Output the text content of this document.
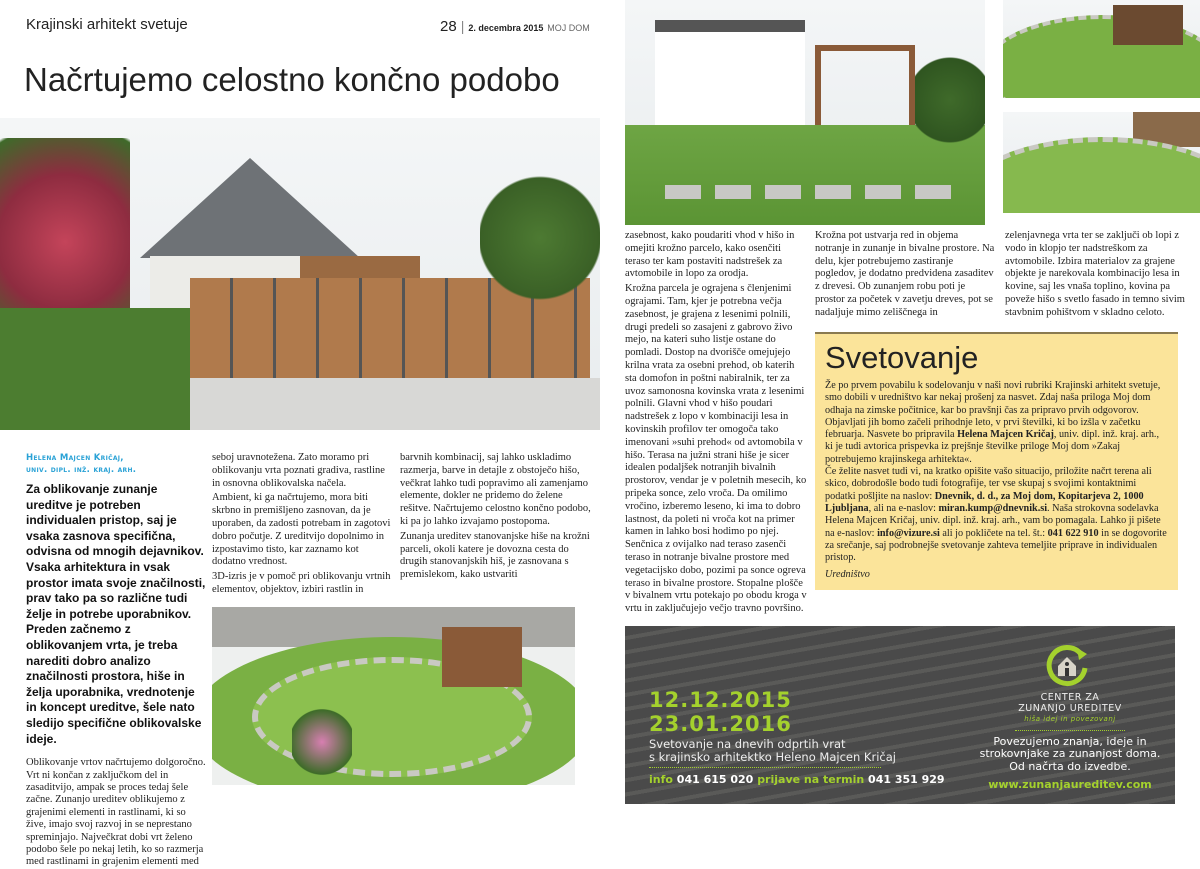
Krajinski arhitekt svetuje	28 | 2. decembra 2015 MOJ DOM
Načrtujemo celostno končno podobo
Helena Majcen Kričaj,
univ. dipl. inž. kraj. arh.
Za oblikovanje zunanje ureditve je potreben individualen pristop, saj je vsaka zasnova specifična, odvisna od mnogih dejavnikov. Vsaka arhitektura in vsak prostor imata svoje značilnosti, prav tako pa so različne tudi želje in potrebe uporabnikov. Preden začnemo z oblikovanjem vrta, je treba narediti dobro analizo značilnosti prostora, hiše in želja uporabnika, vrednotenje in koncept ureditve, šele nato sledijo specifične oblikovalske ideje.
Oblikovanje vrtov načrtujemo dolgoročno. Vrt ni končan z zaključkom del in zasaditvijo, ampak se proces tedaj šele začne. Zunanjo ureditev oblikujemo z grajenimi elementi in rastlinami, ki so žive, imajo svoj razvoj in se neprestano spreminjajo. Največkrat dobi vrt želeno podobo šele po nekaj letih, ko so razmerja med rastlinami in grajenim elementi med

seboj uravnotežena. Zato moramo pri oblikovanju vrta poznati gradiva, rastline in osnovna oblikovalska načela.

Ambient, ki ga načrtujemo, mora biti skrbno in premišljeno zasnovan, da je uporaben, da zadosti potrebam in zagotovi dobro počutje. Z ureditvijo dopolnimo in izpostavimo tisto, kar zaznamo kot dodatno vrednost.

3D-izris je v pomoč pri oblikovanju vrtnih elementov, objektov, izbiri rastlin in

barvnih kombinacij, saj lahko uskladimo razmerja, barve in detajle z obstoječo hišo, večkrat lahko tudi popravimo ali zamenjamo elemente, dokler ne pridemo do želene rešitve. Načrtujemo celostno končno podobo, ki pa jo lahko izvajamo postopoma.

Zunanja ureditev stanovanjske hiše na krožni parceli, okoli katere je dovozna cesta do drugih stanovanjskih hiš, je zasnovana s premislekom, kako ustvariti

zasebnost, kako poudariti vhod v hišo in omejiti krožno parcelo, kako osenčiti teraso ter kam postaviti nadstrešek za avtomobile in lopo za orodja.

Krožna parcela je ograjena s členjenimi ograjami. Tam, kjer je potrebna večja zasebnost, je grajena z lesenimi polnili, drugi predeli so zasajeni z gabrovo živo mejo, na kateri suho listje ostane do pomladi. Dostop na dvorišče omejujejo krilna vrata za osebni prehod, ob katerih sta domofon in poštni nabiralnik, ter za uvoz samonosna kovinska vrata z lesenimi polnili. Glavni vhod v hišo poudari nadstrešek z lopo v kombinaciji lesa in kovinskih profilov ter omogoča tako imenovani »suhi prehod« od avtomobila v hišo. Terasa na južni strani hiše je sicer idealen podaljšek notranjih bivalnih prostorov, vendar je v poletnih mesecih, ko pripeka sonce, zelo vroča. Da omilimo vročino, izberemo leseno, ki ima to dobro lastnost, da poleti ni vroča kot na primer kamen in lahko bosi hodimo po njej. Senčnica z ovijalko nad teraso zasenči teraso in notranje bivalne prostore med vegetacijsko dobo, pozimi pa sonce ogreva teraso in bivalne prostore. Stopalne plošče v bivalnem vrtu potekajo po obodu kroga v vrtu in zaključujejo večjo travno površino.

Krožna pot ustvarja red in objema notranje in zunanje in bivalne prostore. Na delu, kjer potrebujemo zastiranje pogledov, je dodatno predvidena zasaditev z drevesi. Ob zunanjem robu poti je prostor za početek v zavetju dreves, pot se nadaljuje mimo zeliščnega in
zelenjavnega vrta ter se zaključi ob lopi z vodo in klopjo ter nadstreškom za avtomobile. Izbira materialov za grajene objekte je narekovala kombinacijo lesa in kovine, saj les vnaša toplino, kovina pa poveže hišo s svetlo fasado in temno sivim stavbnim pohištvom v skladno celoto.
Svetovanje

Že po prvem povabilu k sodelovanju v naši novi rubriki Krajinski arhitekt svetuje, smo dobili v uredništvo kar nekaj prošenj za nasvet. Zdaj naša priloga Moj dom odhaja na zimske počitnice, kar bo pravšnji čas za pripravo prvih odgovorov. Objavljati jih bomo začeli prihodnje leto, v prvi številki, ki bo izšla v začetku februarja. Nasvete bo pripravila Helena Majcen Kričaj, univ. dipl. inž. kraj. arh., ki je tudi avtorica prispevka iz prejšnje številke priloge Moj dom »Zakaj potrebujemo krajinskega arhitekta«.

Če želite nasvet tudi vi, na kratko opišite vašo situacijo, priložite načrt terena ali skico, dobrodošle bodo tudi fotografije, ter vse skupaj s svojimi kontaktnimi podatki pošljite na naslov: Dnevnik, d. d., za Moj dom, Kopitarjeva 2, 1000 Ljubljana, ali na e-naslov: miran.kump@dnevnik.si. Naša strokovna sodelavka Helena Majcen Kričaj, univ. dipl. inž. kraj. arh., vam bo pomagala. Lahko ji pišete na e-naslov: info@vizure.si ali jo pokličete na tel. št.: 041 622 910 in se dogovorite za srečanje, saj podrobnejše svetovanje zahteva temeljite priprave in individualen pristop.

Uredništvo

12.12.2015
23.01.2016
Svetovanje na dnevih odprtih vrat
s krajinsko arhitektko Heleno Majcen Kričaj
info 041 615 020 prijave na termin 041 351 929
CENTER ZA
ZUNANJO UREDITEV
hiša idej in povezovanj
Povezujemo znanja, ideje in
strokovnjake za zunanjost doma.
Od načrta do izvedbe.
www.zunanjaureditev.com
